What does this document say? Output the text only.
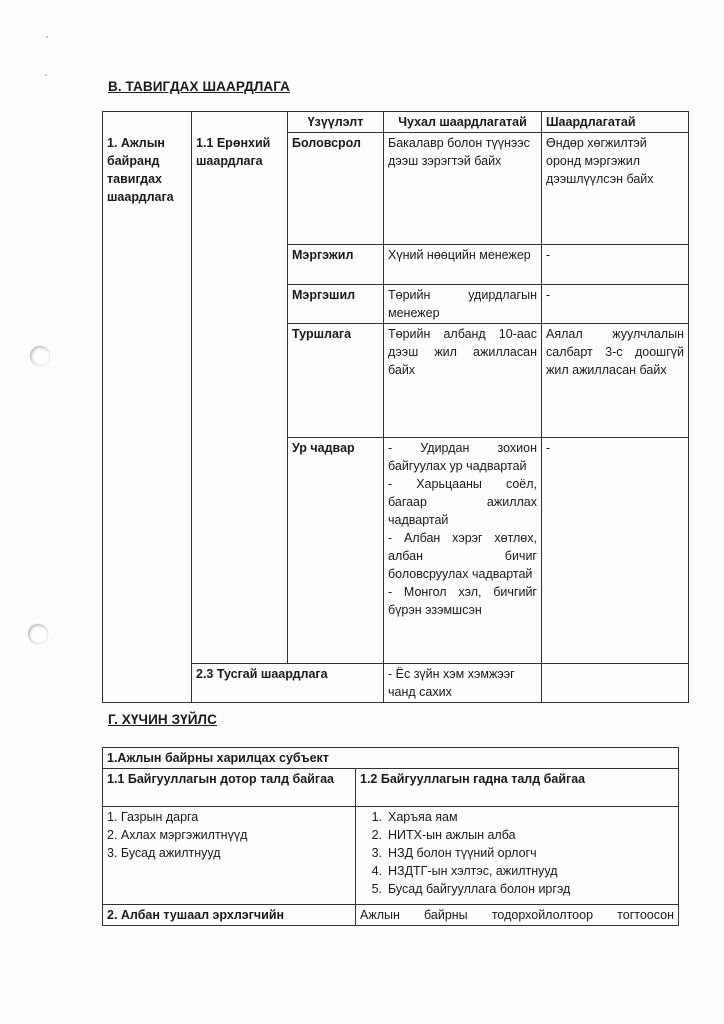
В. ТАВИГДАХ ШААРДЛАГА
1. Ажлын байранд тавигдах шаардлага	1.1 Ерөнхий шаардлага	Үзүүлэлт	Чухал шаардлагатай	Шаардлагатай
		Боловсрол	Бакалавр болон түүнээс дээш зэрэгтэй байх	Өндөр хөгжилтэй оронд мэргэжил дээшлүүлсэн байх
		Мэргэжил	Хүний нөөцийн менежер	-
		Мэргэшил	Төрийн удирдлагын менежер	-
		Туршлага	Төрийн албанд 10-аас дээш жил ажилласан байх	Аялал жуулчлалын салбарт 3-с доошгүй жил ажилласан байх
		Ур чадвар	- Удирдан зохион байгуулах ур чадвартай
- Харьцааны соёл, багаар ажиллах чадвартай
- Албан хэрэг хөтлөх, албан бичиг боловсруулах чадвартай
- Монгол хэл, бичгийг бүрэн эзэмшсэн	-
	2.3 Тусгай шаардлага		- Ёс зүйн хэм хэмжээг чанд сахих	
Г. ХҮЧИН ЗҮЙЛС
1.Ажлын байрны харилцах субъект	
1.1 Байгууллагын дотор талд байгаа	1.2 Байгууллагын гадна талд байгаа

1. Газрын дарга
2. Ахлах мэргэжилтнүүд
3. Бусад ажилтнууд	1. Харъяа яам
2. НИТХ-ын ажлын алба
3. НЗД болон түүний орлогч
4. НЗДТГ-ын хэлтэс, ажилтнууд
5. Бусад байгууллага болон иргэд

2. Албан тушаал эрхлэгчийн	Ажлын байрны тодорхойлолтоор тогтоосон
